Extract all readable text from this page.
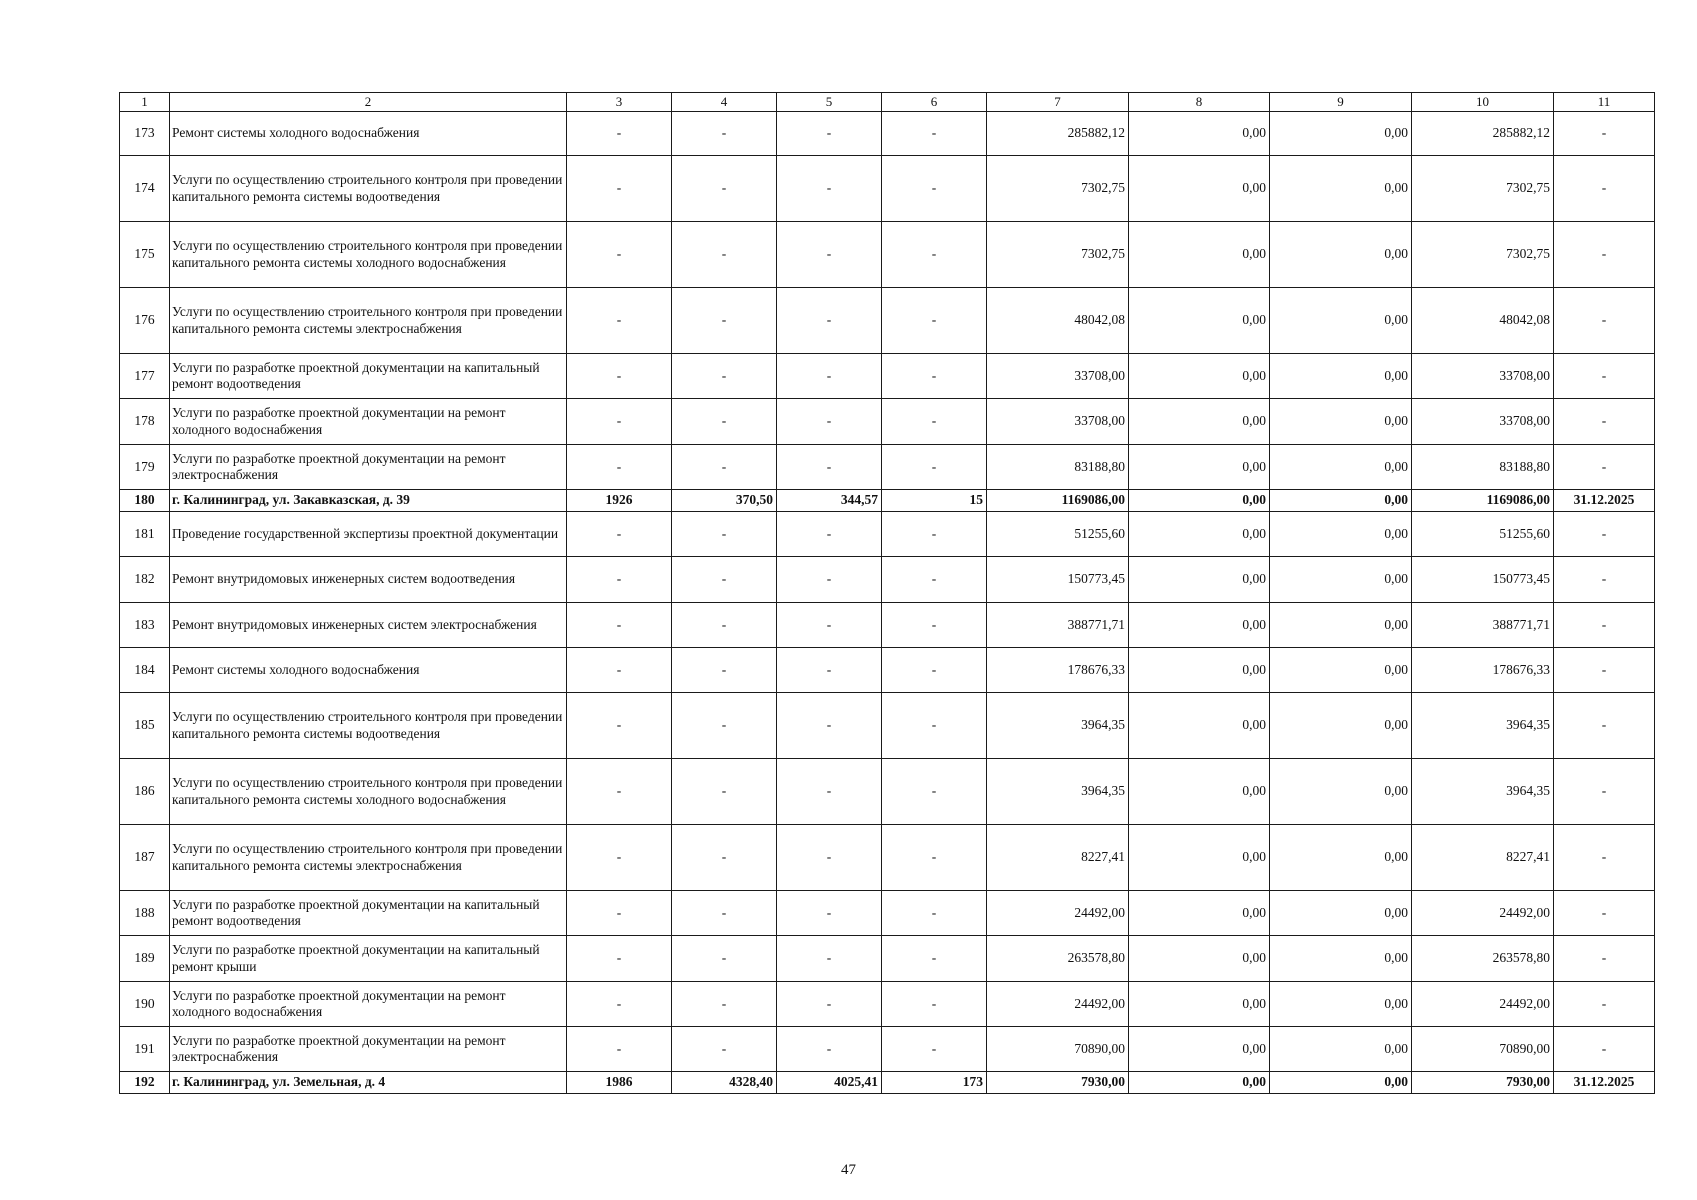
1	2	3	4	5	6	7	8	9	10	11
173	Ремонт системы холодного водоснабжения	-	-	-	-	285882,12	0,00	0,00	285882,12	-
174	Услуги по осуществлению строительного контроля при проведении капитального ремонта системы водоотведения	-	-	-	-	7302,75	0,00	0,00	7302,75	-
175	Услуги по осуществлению строительного контроля при проведении капитального ремонта системы холодного водоснабжения	-	-	-	-	7302,75	0,00	0,00	7302,75	-
176	Услуги по осуществлению строительного контроля при проведении капитального ремонта системы электроснабжения	-	-	-	-	48042,08	0,00	0,00	48042,08	-
177	Услуги по разработке проектной документации на капитальный ремонт водоотведения	-	-	-	-	33708,00	0,00	0,00	33708,00	-
178	Услуги по разработке проектной документации на ремонт холодного водоснабжения	-	-	-	-	33708,00	0,00	0,00	33708,00	-
179	Услуги по разработке проектной документации на ремонт электроснабжения	-	-	-	-	83188,80	0,00	0,00	83188,80	-
180	г. Калининград, ул. Закавказская, д. 39	1926	370,50	344,57	15	1169086,00	0,00	0,00	1169086,00	31.12.2025
181	Проведение государственной экспертизы проектной документации	-	-	-	-	51255,60	0,00	0,00	51255,60	-
182	Ремонт внутридомовых инженерных систем водоотведения	-	-	-	-	150773,45	0,00	0,00	150773,45	-
183	Ремонт внутридомовых инженерных систем электроснабжения	-	-	-	-	388771,71	0,00	0,00	388771,71	-
184	Ремонт системы холодного водоснабжения	-	-	-	-	178676,33	0,00	0,00	178676,33	-
185	Услуги по осуществлению строительного контроля при проведении капитального ремонта системы водоотведения	-	-	-	-	3964,35	0,00	0,00	3964,35	-
186	Услуги по осуществлению строительного контроля при проведении капитального ремонта системы холодного водоснабжения	-	-	-	-	3964,35	0,00	0,00	3964,35	-
187	Услуги по осуществлению строительного контроля при проведении капитального ремонта системы электроснабжения	-	-	-	-	8227,41	0,00	0,00	8227,41	-
188	Услуги по разработке проектной документации на капитальный ремонт водоотведения	-	-	-	-	24492,00	0,00	0,00	24492,00	-
189	Услуги по разработке проектной документации на капитальный ремонт крыши	-	-	-	-	263578,80	0,00	0,00	263578,80	-
190	Услуги по разработке проектной документации на ремонт холодного водоснабжения	-	-	-	-	24492,00	0,00	0,00	24492,00	-
191	Услуги по разработке проектной документации на ремонт электроснабжения	-	-	-	-	70890,00	0,00	0,00	70890,00	-
192	г. Калининград, ул. Земельная, д. 4	1986	4328,40	4025,41	173	7930,00	0,00	0,00	7930,00	31.12.2025
47
